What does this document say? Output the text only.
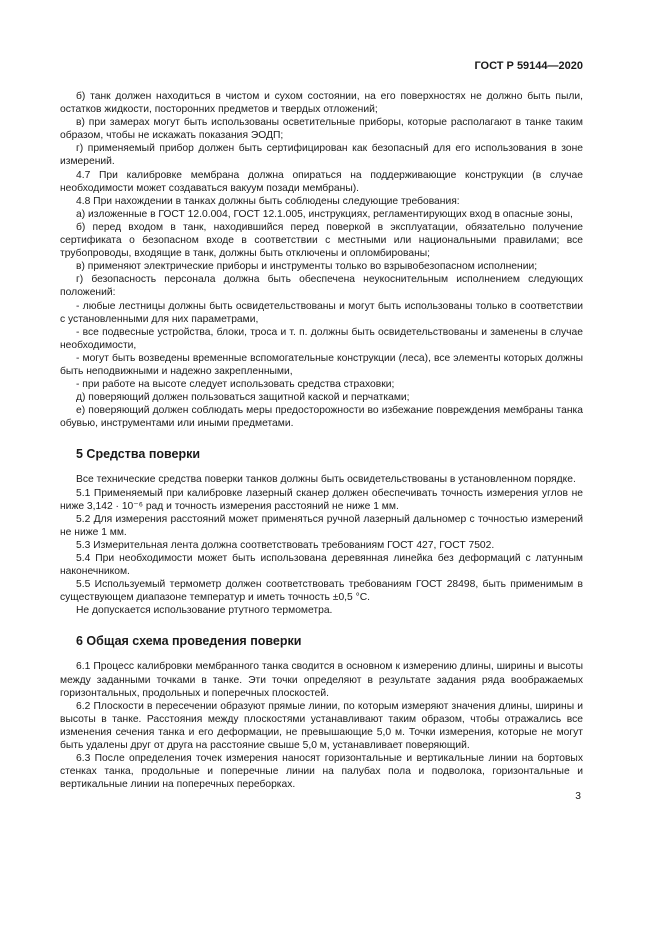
ГОСТ Р 59144—2020

б) танк должен находиться в чистом и сухом состоянии, на его поверхностях не должно быть пыли, остатков жидкости, посторонних предметов и твердых отложений;

в) при замерах могут быть использованы осветительные приборы, которые располагают в танке таким образом, чтобы не искажать показания ЭОДП;

г) применяемый прибор должен быть сертифицирован как безопасный для его использования в зоне измерений.

4.7 При калибровке мембрана должна опираться на поддерживающие конструкции (в случае необходимости может создаваться вакуум позади мембраны).

4.8 При нахождении в танках должны быть соблюдены следующие требования:

а) изложенные в ГОСТ 12.0.004, ГОСТ 12.1.005, инструкциях, регламентирующих вход в опасные зоны,

б) перед входом в танк, находившийся перед поверкой в эксплуатации, обязательно получение сертификата о безопасном входе в соответствии с местными или национальными правилами; все трубопроводы, входящие в танк, должны быть отключены и опломбированы;

в) применяют электрические приборы и инструменты только во взрывобезопасном исполнении;

г) безопасность персонала должна быть обеспечена неукоснительным исполнением следующих положений:

- любые лестницы должны быть освидетельствованы и могут быть использованы только в соответствии с установленными для них параметрами,

- все подвесные устройства, блоки, троса и т. п. должны быть освидетельствованы и заменены в случае необходимости,

- могут быть возведены временные вспомогательные конструкции (леса), все элементы которых должны быть неподвижными и надежно закрепленными,

- при работе на высоте следует использовать средства страховки;

д) поверяющий должен пользоваться защитной каской и перчатками;

е) поверяющий должен соблюдать меры предосторожности во избежание повреждения мембраны танка обувью, инструментами или иными предметами.

5 Средства поверки

Все технические средства поверки танков должны быть освидетельствованы в установленном порядке.

5.1 Применяемый при калибровке лазерный сканер должен обеспечивать точность измерения углов не ниже 3,142 · 10⁻⁶ рад и точность измерения расстояний не ниже 1 мм.

5.2 Для измерения расстояний может применяться ручной лазерный дальномер с точностью измерений не ниже 1 мм.

5.3 Измерительная лента должна соответствовать требованиям ГОСТ 427, ГОСТ 7502.

5.4 При необходимости может быть использована деревянная линейка без деформаций с латунным наконечником.

5.5 Используемый термометр должен соответствовать требованиям ГОСТ 28498, быть применимым в существующем диапазоне температур и иметь точность ±0,5 °С.

Не допускается использование ртутного термометра.

6 Общая схема проведения поверки

6.1 Процесс калибровки мембранного танка сводится в основном к измерению длины, ширины и высоты между заданными точками в танке. Эти точки определяют в результате задания ряда воображаемых горизонтальных, продольных и поперечных плоскостей.

6.2 Плоскости в пересечении образуют прямые линии, по которым измеряют значения длины, ширины и высоты в танке. Расстояния между плоскостями устанавливают таким образом, чтобы отражались все изменения сечения танка и его деформации, не превышающие 5,0 м. Точки измерения, которые не могут быть удалены друг от друга на расстояние свыше 5,0 м, устанавливает поверяющий.

6.3 После определения точек измерения наносят горизонтальные и вертикальные линии на бортовых стенках танка, продольные и поперечные линии на палубах пола и подволока, горизонтальные и вертикальные линии на поперечных переборках.

3
